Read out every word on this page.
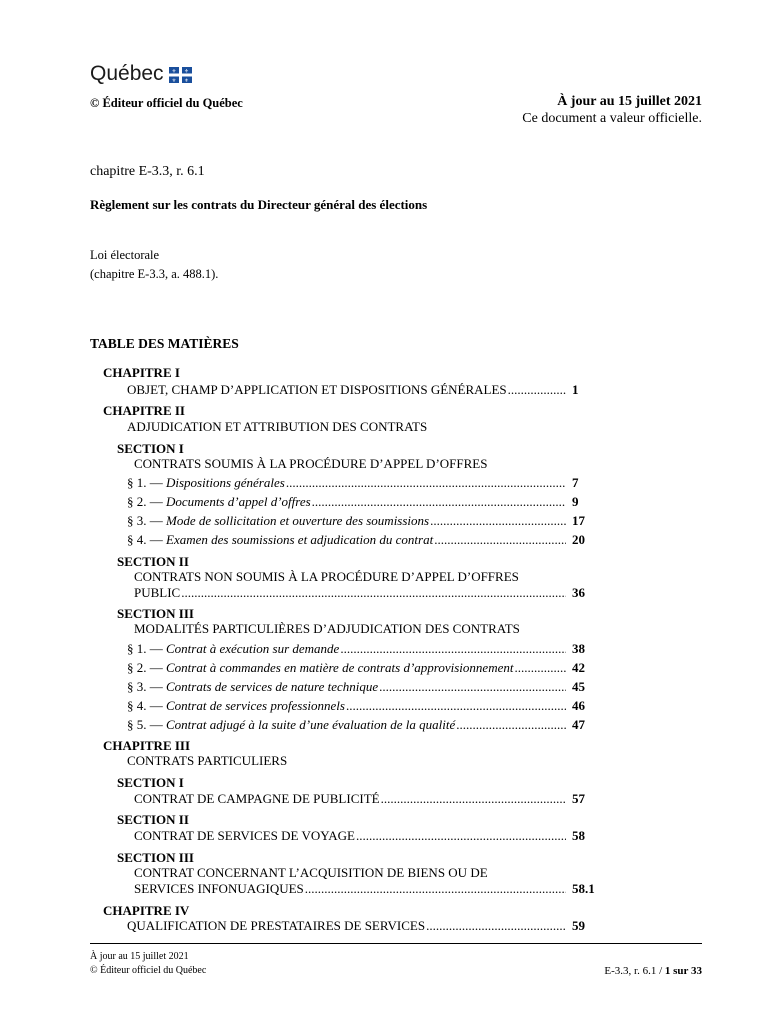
Québec ⚜ ⚜
⚜ ⚜
© Éditeur officiel du Québec	À jour au 15 juillet 2021
Ce document a valeur officielle.
chapitre E-3.3, r. 6.1
Règlement sur les contrats du Directeur général des élections
Loi électorale
(chapitre E-3.3, a. 488.1).
TABLE DES MATIÈRES
CHAPITRE I
OBJET, CHAMP D’APPLICATION ET DISPOSITIONS GÉNÉRALES .....	1
CHAPITRE II
ADJUDICATION ET ATTRIBUTION DES CONTRATS
SECTION I
CONTRATS SOUMIS À LA PROCÉDURE D’APPEL D’OFFRES
§ 1. — Dispositions générales .....	7
§ 2. — Documents d’appel d’offres .....	9
§ 3. — Mode de sollicitation et ouverture des soumissions .....	17
§ 4. — Examen des soumissions et adjudication du contrat .....	20
SECTION II
CONTRATS NON SOUMIS À LA PROCÉDURE D’APPEL D’OFFRES
PUBLIC .....	36
SECTION III
MODALITÉS PARTICULIÈRES D’ADJUDICATION DES CONTRATS
§ 1. — Contrat à exécution sur demande .....	38
§ 2. — Contrat à commandes en matière de contrats d’approvisionnement .....	42
§ 3. — Contrats de services de nature technique .....	45
§ 4. — Contrat de services professionnels .....	46
§ 5. — Contrat adjugé à la suite d’une évaluation de la qualité .....	47
CHAPITRE III
CONTRATS PARTICULIERS
SECTION I
CONTRAT DE CAMPAGNE DE PUBLICITÉ .....	57
SECTION II
CONTRAT DE SERVICES DE VOYAGE .....	58
SECTION III
CONTRAT CONCERNANT L’ACQUISITION DE BIENS OU DE
SERVICES INFONUAGIQUES .....	58.1
CHAPITRE IV
QUALIFICATION DE PRESTATAIRES DE SERVICES .....	59
À jour au 15 juillet 2021
© Éditeur officiel du Québec	E-3.3, r. 6.1 / 1 sur 33
